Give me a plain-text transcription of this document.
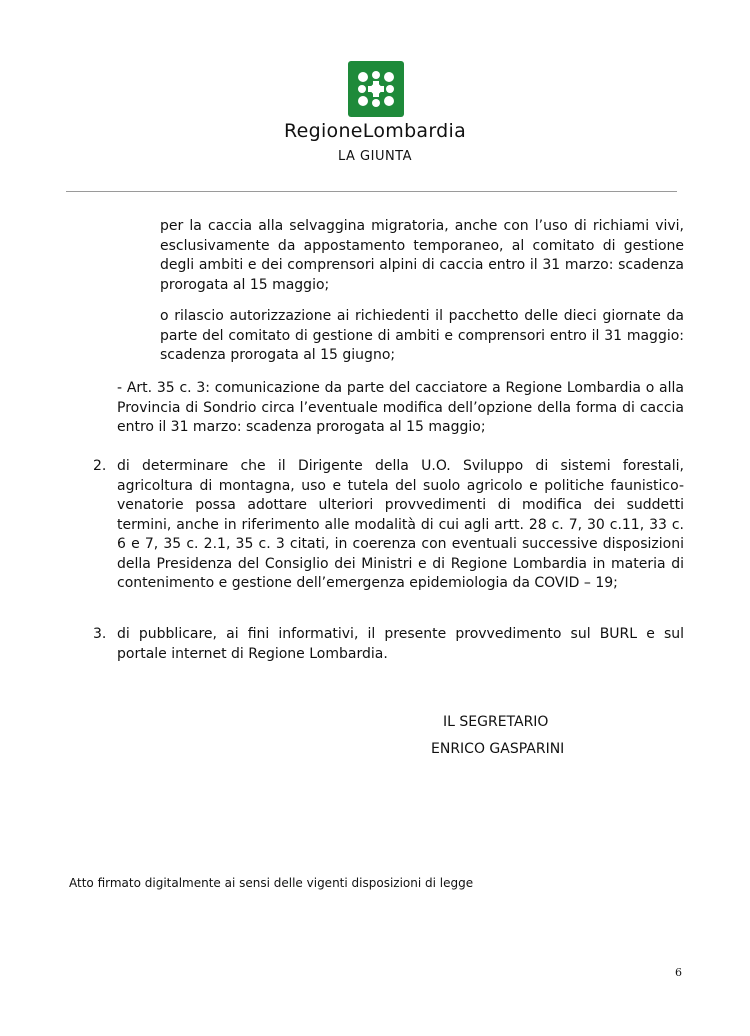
RegioneLombardia
LA GIUNTA

per la caccia alla selvaggina migratoria, anche con l’uso di richiami vivi, esclusivamente da appostamento temporaneo, al comitato di gestione degli ambiti e dei comprensori alpini di caccia entro il 31 marzo: scadenza prorogata al 15 maggio;

o rilascio autorizzazione ai richiedenti il pacchetto delle dieci giornate da parte del comitato di gestione di ambiti e comprensori entro il 31 maggio: scadenza prorogata al 15 giugno;

- Art. 35 c. 3: comunicazione da parte del cacciatore a Regione Lombardia o alla Provincia di Sondrio circa l’eventuale modifica dell’opzione della forma di caccia entro il 31 marzo: scadenza prorogata al 15 maggio;

2. di determinare che il Dirigente della U.O. Sviluppo di sistemi forestali, agricoltura di montagna, uso e tutela del suolo agricolo e politiche faunistico-venatorie possa adottare ulteriori provvedimenti di modifica dei suddetti termini, anche in riferimento alle modalità di cui agli artt. 28 c. 7, 30 c.11, 33 c. 6 e 7, 35 c. 2.1, 35 c. 3 citati, in coerenza con eventuali successive disposizioni della Presidenza del Consiglio dei Ministri e di Regione Lombardia in materia di contenimento e gestione dell’emergenza epidemiologia da COVID – 19;

3. di pubblicare, ai fini informativi, il presente provvedimento sul BURL e sul portale internet di Regione Lombardia.

IL SEGRETARIO
ENRICO GASPARINI
Atto firmato digitalmente ai sensi delle vigenti disposizioni di legge
6
